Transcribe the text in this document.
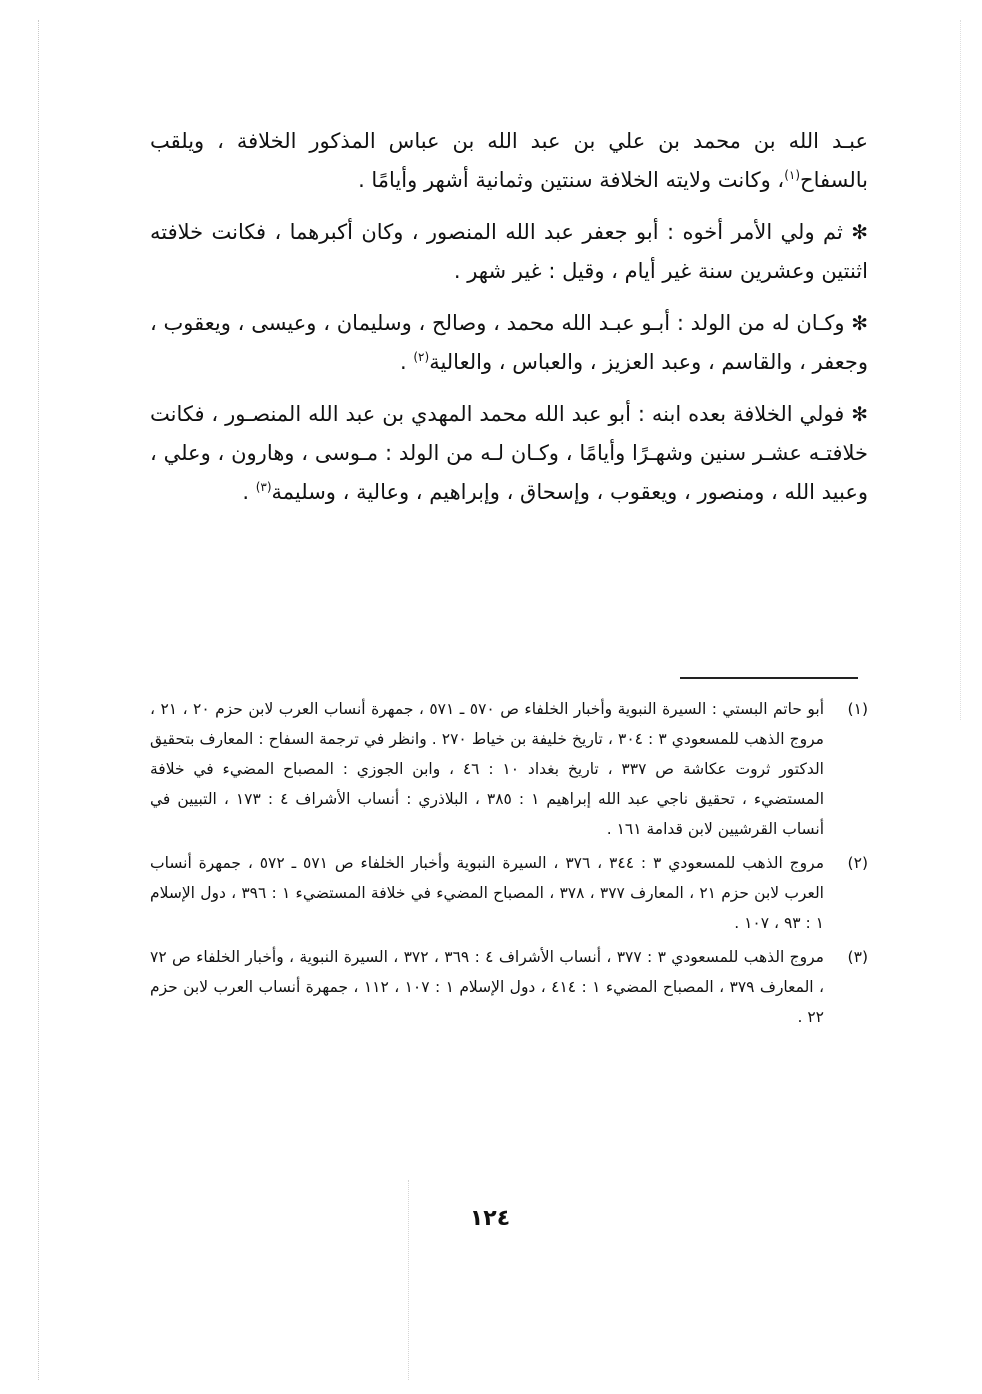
عبـد الله بن محمد بن علي بن عبد الله بن عباس المذكور الخلافة ، ويلقب بالسفاح$^{(١)}$، وكانت ولايته الخلافة سنتين وثمانية أشهر وأيامًا .

✻ ثم ولي الأمر أخوه : أبو جعفر عبد الله المنصور ، وكان أكبرهما ، فكانت خلافته اثنتين وعشرين سنة غير أيام ، وقيل : غير شهر .

✻ وكـان له من الولد : أبـو عبـد الله محمد ، وصالح ، وسليمان ، وعيسى ، ويعقوب ، وجعفر ، والقاسم ، وعبد العزيز ، والعباس ، والعالية$^{(٢)}$ .

✻ فولي الخلافة بعده ابنه : أبو عبد الله محمد المهدي بن عبد الله المنصـور ، فكانت خلافتـه عشـر سنين وشهـرًا وأيامًا ، وكـان لـه من الولد : مـوسى ، وهارون ، وعلي ، وعبيد الله ، ومنصور ، ويعقوب ، وإسحاق ، وإبراهيم ، وعالية ، وسليمة$^{(٣)}$ .

(١)
أبو حاتم البستي : السيرة النبوية وأخبار الخلفاء ص ٥٧٠ ـ ٥٧١ ، جمهرة أنساب العرب لابن حزم ٢٠ ، ٢١ ، مروج الذهب للمسعودي ٣ : ٣٠٤ ، تاريخ خليفة بن خياط ٢٧٠ . وانظر في ترجمة السفاح : المعارف بتحقيق الدكتور ثروت عكاشة ص ٣٣٧ ، تاريخ بغداد ١٠ : ٤٦ ، وابن الجوزي : المصباح المضيء في خلافة المستضيء ، تحقيق ناجي عبد الله إبراهيم ١ : ٣٨٥ ، البلاذري : أنساب الأشراف ٤ : ١٧٣ ، التبيين في أنساب القرشيين لابن قدامة ١٦١ .
(٢)
مروج الذهب للمسعودي ٣ : ٣٤٤ ، ٣٧٦ ، السيرة النبوية وأخبار الخلفاء ص ٥٧١ ـ ٥٧٢ ، جمهرة أنساب العرب لابن حزم ٢١ ، المعارف ٣٧٧ ، ٣٧٨ ، المصباح المضيء في خلافة المستضيء ١ : ٣٩٦ ، دول الإسلام ١ : ٩٣ ، ١٠٧ .
(٣)
مروج الذهب للمسعودي ٣ : ٣٧٧ ، أنساب الأشراف ٤ : ٣٦٩ ، ٣٧٢ ، السيرة النبوية ، وأخبار الخلفاء ص ٧٢ ، المعارف ٣٧٩ ، المصباح المضيء ١ : ٤١٤ ، دول الإسلام ١ : ١٠٧ ، ١١٢ ، جمهرة أنساب العرب لابن حزم ٢٢ .
١٢٤
